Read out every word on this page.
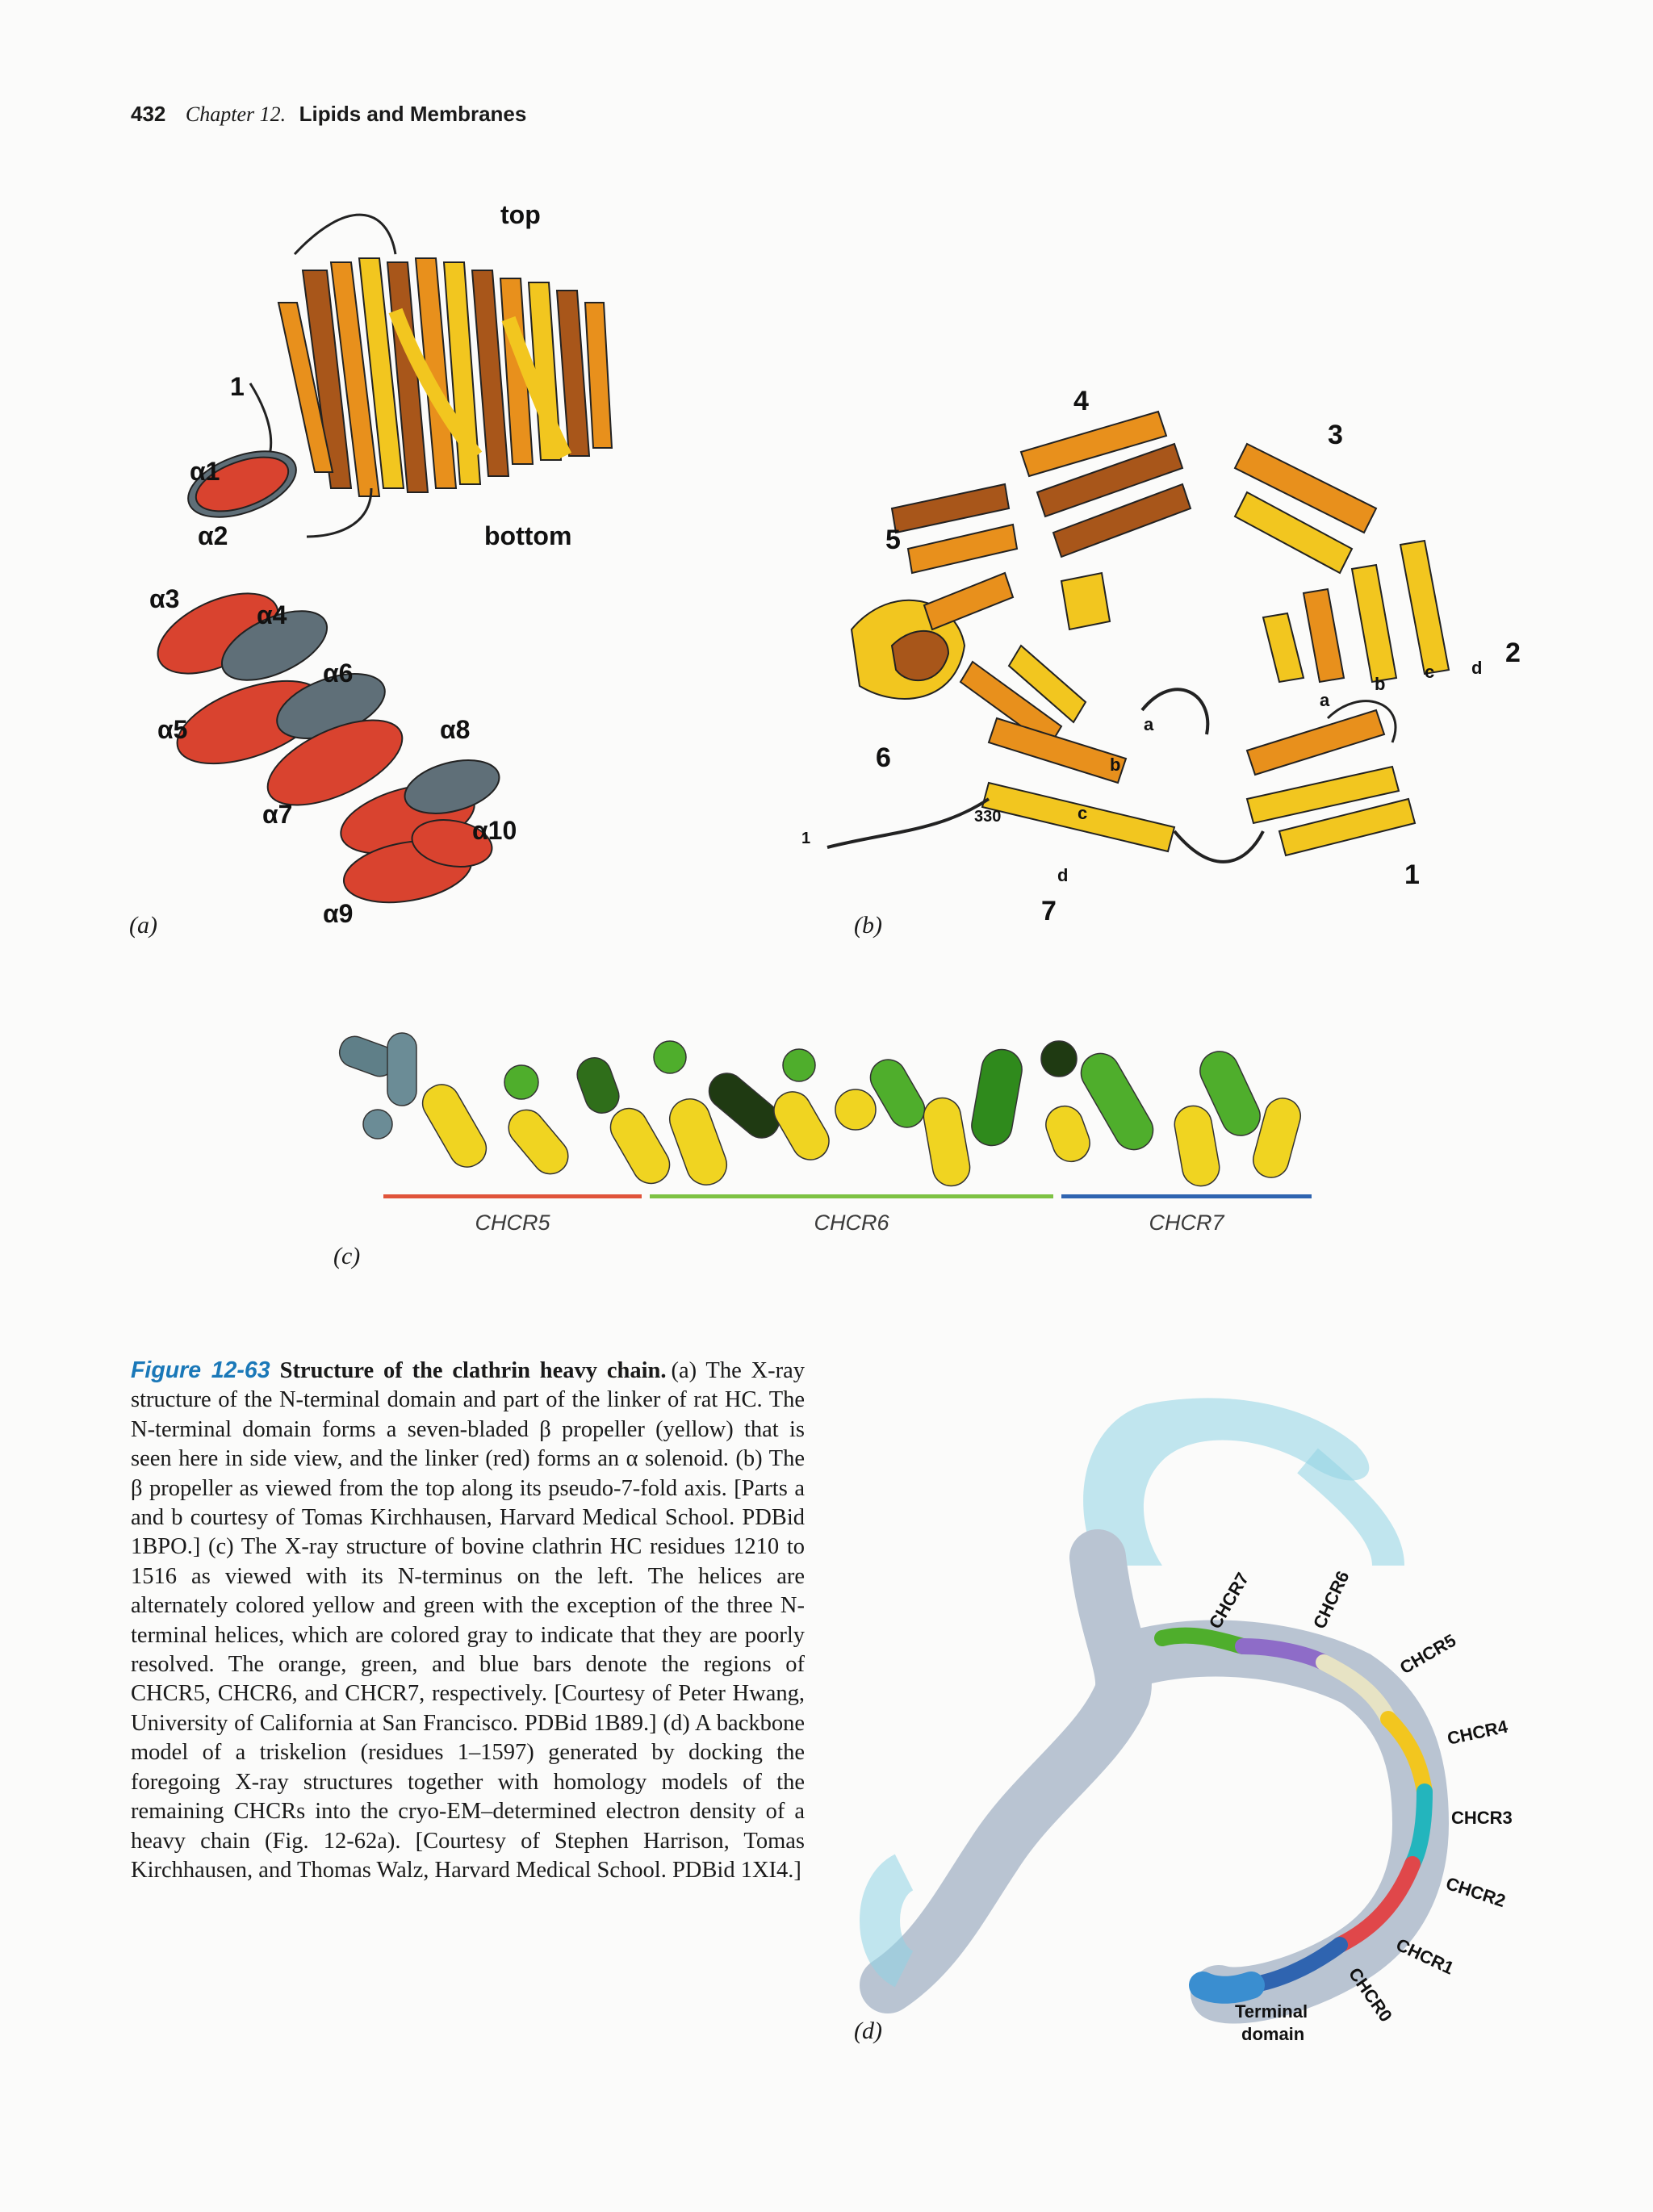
432 Chapter 12. Lipids and Membranes
top
bottom
1
α1
α2
α3
α4
α5
α6
α7
α8
α9
α10
(a)
4
3
5
2
6
1
7
a
b
c d
a
b
c
d
1
330
(b)
CHCR5	CHCR6	CHCR7
(c)
Figure 12-63 Structure of the clathrin heavy chain. (a) The X-ray structure of the N-terminal domain and part of the linker of rat HC. The N-terminal domain forms a seven-bladed β propeller (yellow) that is seen here in side view, and the linker (red) forms an α solenoid. (b) The β propeller as viewed from the top along its pseudo-7-fold axis. [Parts a and b courtesy of Tomas Kirchhausen, Harvard Medical School. PDBid 1BPO.] (c) The X-ray structure of bovine clathrin HC residues 1210 to 1516 as viewed with its N-terminus on the left. The helices are alternately colored yellow and green with the exception of the three N-terminal helices, which are colored gray to indicate that they are poorly resolved. The orange, green, and blue bars denote the regions of CHCR5, CHCR6, and CHCR7, respectively. [Courtesy of Peter Hwang, University of California at San Francisco. PDBid 1B89.] (d) A backbone model of a triskelion (residues 1–1597) generated by docking the foregoing X-ray structures together with homology models of the remaining CHCRs into the cryo-EM–determined electron density of a heavy chain (Fig. 12-62a). [Courtesy of Stephen Harrison, Tomas Kirchhausen, and Thomas Walz, Harvard Medical School. PDBid 1XI4.]
CHCR7	CHCR6
CHCR5
CHCR4
CHCR3
CHCR2
CHCR1
CHCR0
Terminal
domain
(d)
